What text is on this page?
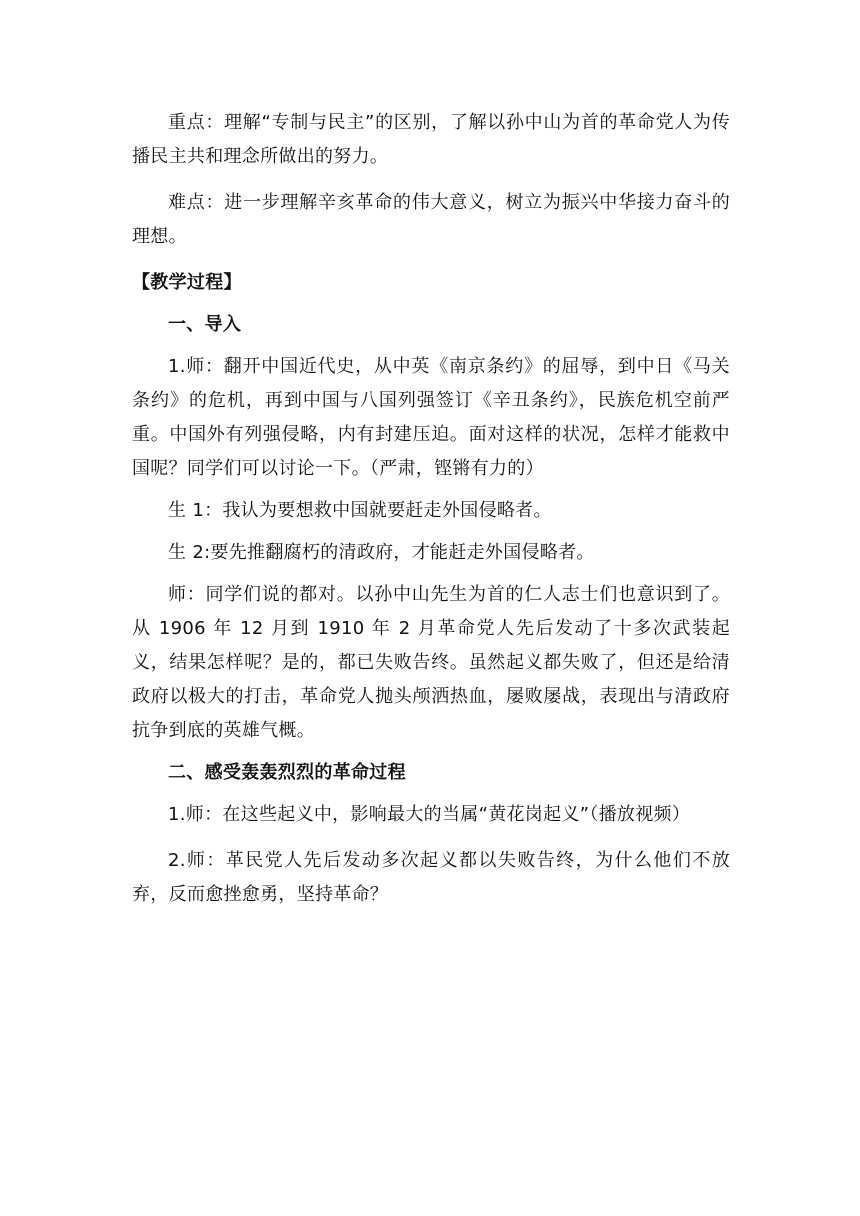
重点：理解“专制与民主”的区别，了解以孙中山为首的革命党人为传播民主共和理念所做出的努力。

难点：进一步理解辛亥革命的伟大意义，树立为振兴中华接力奋斗的理想。

【教学过程】

一、导入

1.师：翻开中国近代史，从中英《南京条约》的屈辱，到中日《马关条约》的危机，再到中国与八国列强签订《辛丑条约》，民族危机空前严重。中国外有列强侵略，内有封建压迫。面对这样的状况，怎样才能救中国呢？同学们可以讨论一下。（严肃，铿锵有力的）

生 1：我认为要想救中国就要赶走外国侵略者。

生 2:要先推翻腐朽的清政府，才能赶走外国侵略者。

师：同学们说的都对。以孙中山先生为首的仁人志士们也意识到了。从 1906 年 12 月到 1910 年 2 月革命党人先后发动了十多次武装起义，结果怎样呢？是的，都已失败告终。虽然起义都失败了，但还是给清政府以极大的打击，革命党人抛头颅洒热血，屡败屡战，表现出与清政府抗争到底的英雄气概。

二、感受轰轰烈烈的革命过程

1.师：在这些起义中，影响最大的当属“黄花岗起义”（播放视频）

2.师：革民党人先后发动多次起义都以失败告终，为什么他们不放弃，反而愈挫愈勇，坚持革命？
